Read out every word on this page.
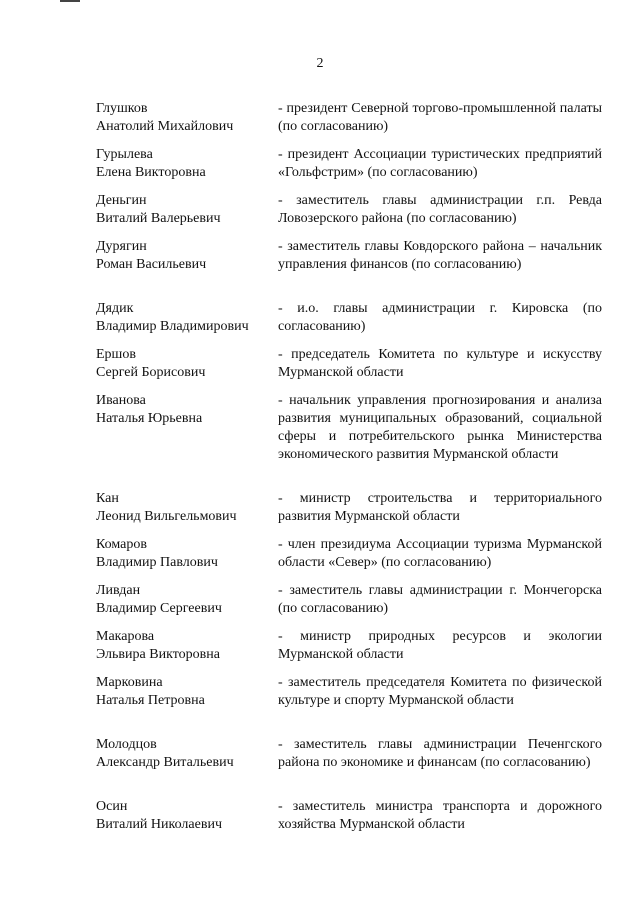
2
Глушков
Анатолий Михайлович
- президент Северной торгово-промышленной палаты (по согласованию)
Гурылева
Елена Викторовна
- президент Ассоциации туристических предприятий «Гольфстрим» (по согласованию)
Деньгин
Виталий Валерьевич
- заместитель главы администрации г.п. Ревда Ловозерского района (по согласованию)
Дурягин
Роман Васильевич
- заместитель главы Ковдорского района – начальник управления финансов (по согласованию)
Дядик
Владимир Владимирович
- и.о. главы администрации г. Кировска (по согласованию)
Ершов
Сергей Борисович
- председатель Комитета по культуре и искусству Мурманской области
Иванова
Наталья Юрьевна
- начальник управления прогнозирования и анализа развития муниципальных образований, социальной сферы и потребительского рынка Министерства экономического развития Мурманской области
Кан
Леонид Вильгельмович
- министр строительства и территориального развития Мурманской области
Комаров
Владимир Павлович
- член президиума Ассоциации туризма Мурманской области «Север» (по согласованию)
Ливдан
Владимир Сергеевич
- заместитель главы администрации г. Мончегорска (по согласованию)
Макарова
Эльвира Викторовна
- министр природных ресурсов и экологии Мурманской области
Марковина
Наталья Петровна
- заместитель председателя Комитета по физической культуре и спорту Мурманской области
Молодцов
Александр Витальевич
- заместитель главы администрации Печенгского района по экономике и финансам (по согласованию)
Осин
Виталий Николаевич
- заместитель министра транспорта и дорожного хозяйства Мурманской области
